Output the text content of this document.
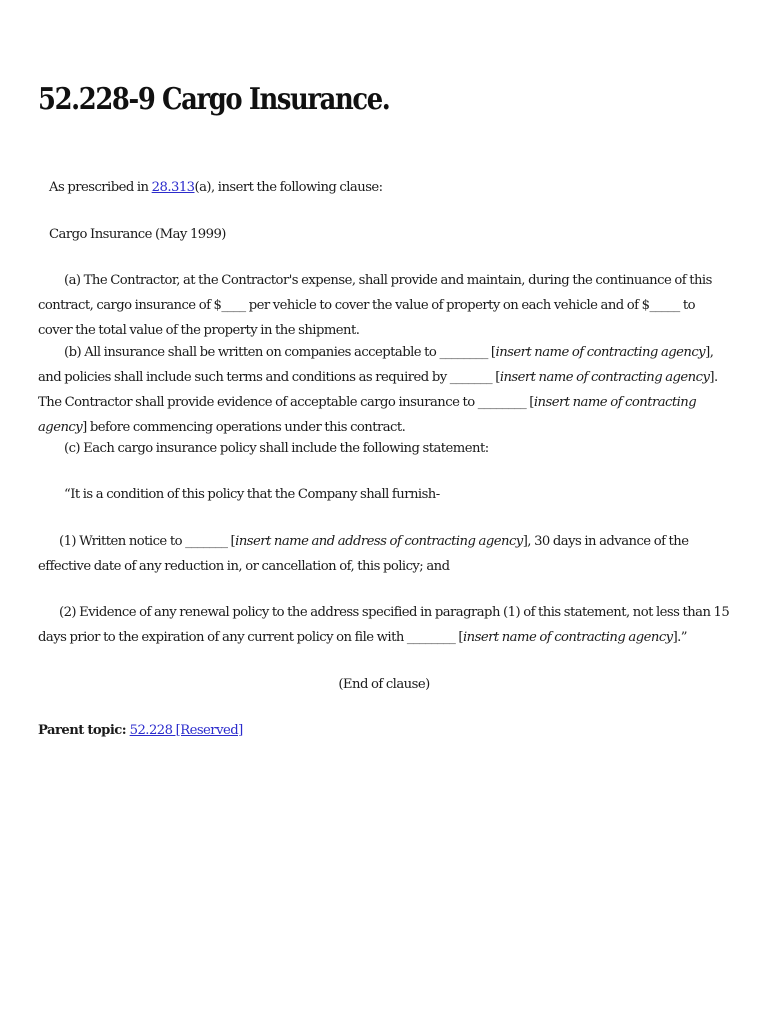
52.228-9 Cargo Insurance.

As prescribed in 28.313(a), insert the following clause:

Cargo Insurance (May 1999)

(a) The Contractor, at the Contractor's expense, shall provide and maintain, during the continuance of this contract, cargo insurance of $____ per vehicle to cover the value of property on each vehicle and of $_____ to cover the total value of the property in the shipment.

(b) All insurance shall be written on companies acceptable to ________ [insert name of contracting agency], and policies shall include such terms and conditions as required by _______ [insert name of contracting agency]. The Contractor shall provide evidence of acceptable cargo insurance to ________ [insert name of contracting agency] before commencing operations under this contract.

(c) Each cargo insurance policy shall include the following statement:

“It is a condition of this policy that the Company shall furnish-

(1) Written notice to _______ [insert name and address of contracting agency], 30 days in advance of the effective date of any reduction in, or cancellation of, this policy; and

(2) Evidence of any renewal policy to the address specified in paragraph (1) of this statement, not less than 15 days prior to the expiration of any current policy on file with ________ [insert name of contracting agency].”

(End of clause)

Parent topic: 52.228 [Reserved]
